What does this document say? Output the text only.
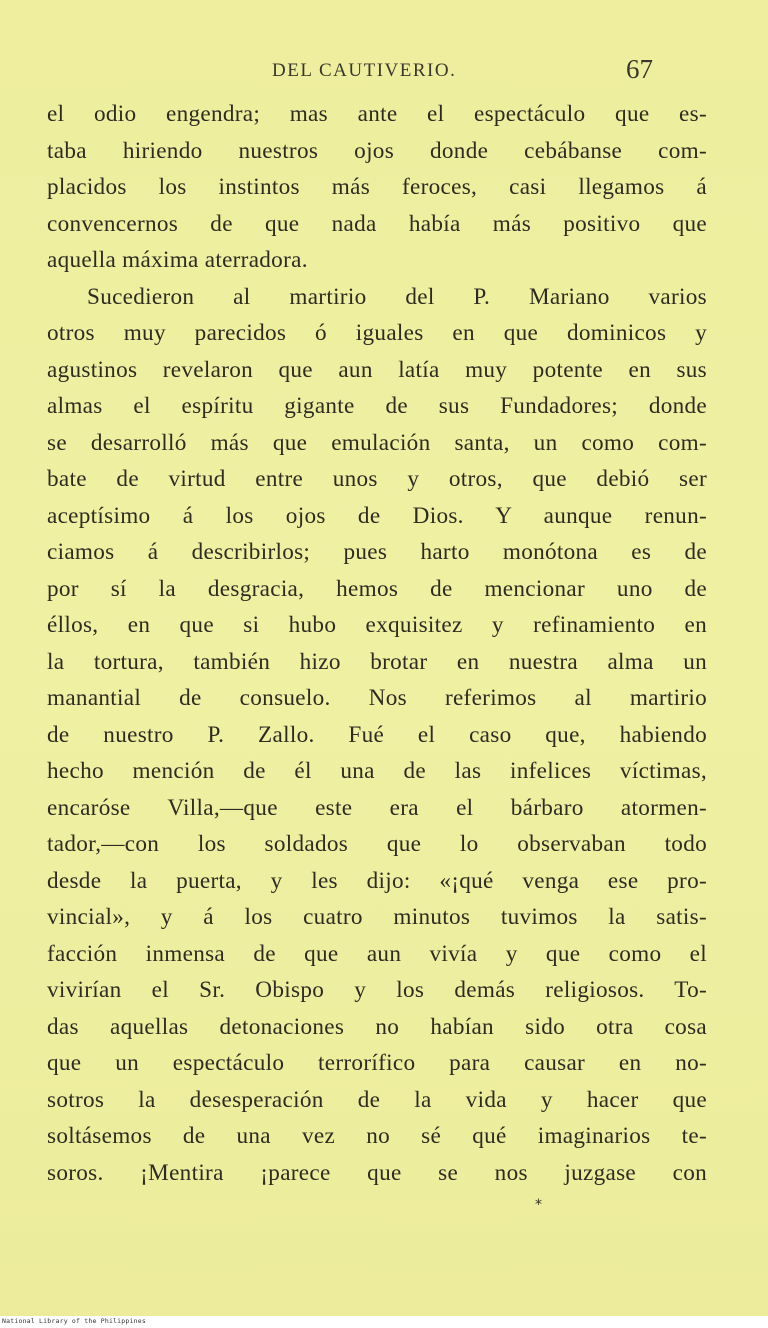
DEL CAUTIVERIO.	67
el odio engendra; mas ante el espectáculo que es-
taba hiriendo nuestros ojos donde cebábanse com-
placidos los instintos más feroces, casi llegamos á
convencernos de que nada había más positivo que
aquella máxima aterradora.
Sucedieron al martirio del P. Mariano varios
otros muy parecidos ó iguales en que dominicos y
agustinos revelaron que aun latía muy potente en sus
almas el espíritu gigante de sus Fundadores; donde
se desarrolló más que emulación santa, un como com-
bate de virtud entre unos y otros, que debió ser
aceptísimo á los ojos de Dios. Y aunque renun-
ciamos á describirlos; pues harto monótona es de
por sí la desgracia, hemos de mencionar uno de
éllos, en que si hubo exquisitez y refinamiento en
la tortura, también hizo brotar en nuestra alma un
manantial de consuelo. Nos referimos al martirio
de nuestro P. Zallo. Fué el caso que, habiendo
hecho mención de él una de las infelices víctimas,
encaróse Villa,—que este era el bárbaro atormen-
tador,—con los soldados que lo observaban todo
desde la puerta, y les dijo: «¡qué venga ese pro-
vincial», y á los cuatro minutos tuvimos la satis-
facción inmensa de que aun vivía y que como el
vivirían el Sr. Obispo y los demás religiosos. To-
das aquellas detonaciones no habían sido otra cosa
que un espectáculo terrorífico para causar en no-
sotros la desesperación de la vida y hacer que
soltásemos de una vez no sé qué imaginarios te-
soros. ¡Mentira ¡parece que se nos juzgase con
*
National Library of the Philippines
